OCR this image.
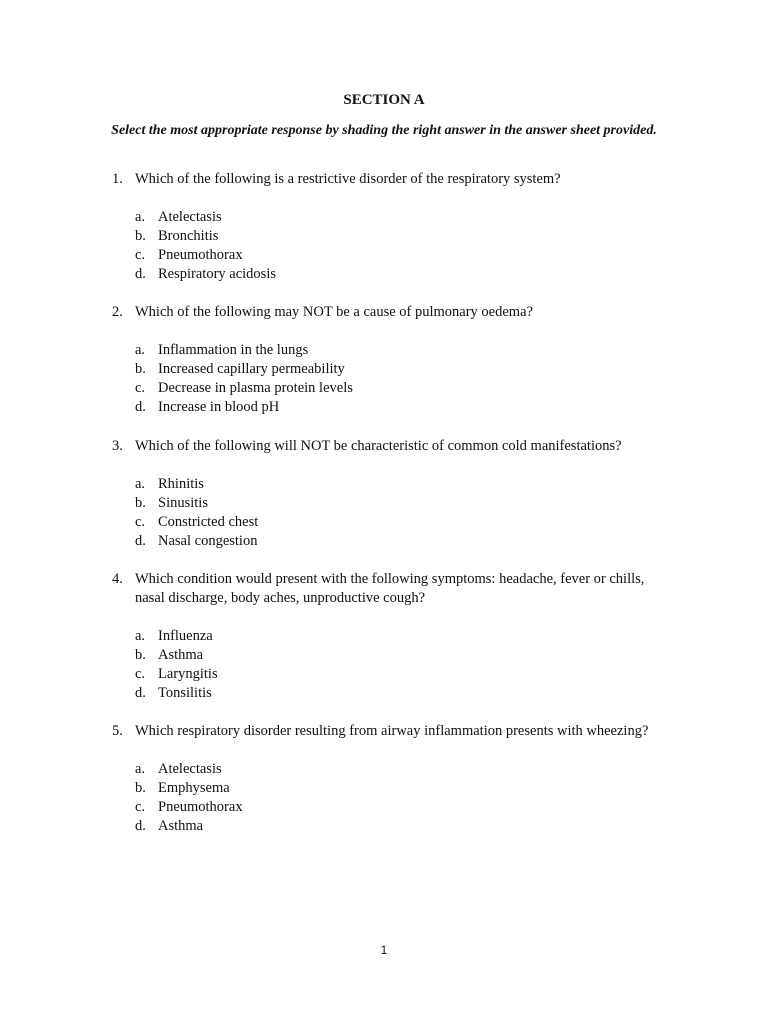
SECTION A
Select the most appropriate response by shading the right answer in the answer sheet provided.
1. Which of the following is a restrictive disorder of the respiratory system?
a. Atelectasis
b. Bronchitis
c. Pneumothorax
d. Respiratory acidosis
2. Which of the following may NOT be a cause of pulmonary oedema?
a. Inflammation in the lungs
b. Increased capillary permeability
c. Decrease in plasma protein levels
d. Increase in blood pH
3. Which of the following will NOT be characteristic of common cold manifestations?
a. Rhinitis
b. Sinusitis
c. Constricted chest
d. Nasal congestion
4. Which condition would present with the following symptoms: headache, fever or chills, nasal discharge, body aches, unproductive cough?
a. Influenza
b. Asthma
c. Laryngitis
d. Tonsilitis
5. Which respiratory disorder resulting from airway inflammation presents with wheezing?
a. Atelectasis
b. Emphysema
c. Pneumothorax
d. Asthma
1
